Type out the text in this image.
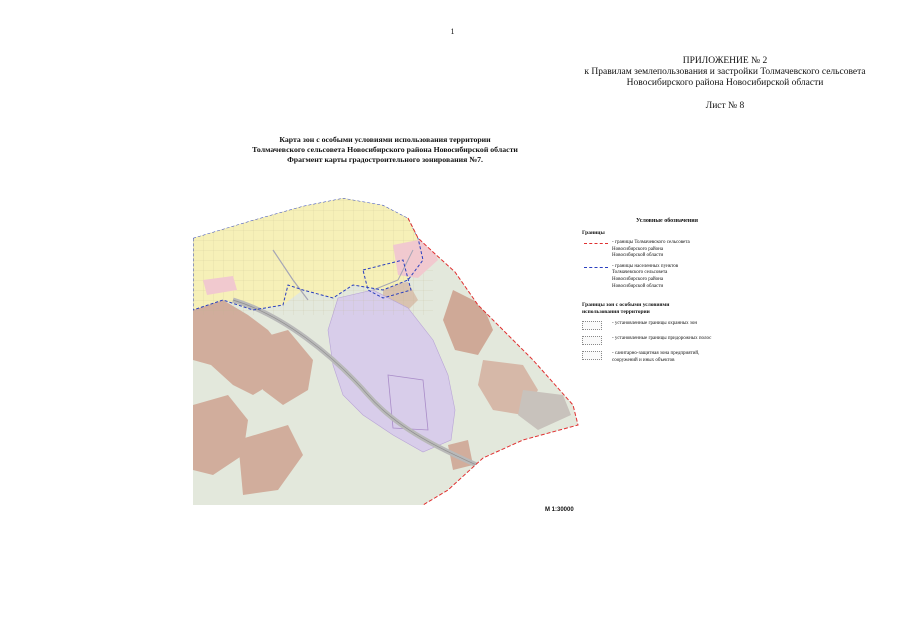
1
ПРИЛОЖЕНИЕ № 2
к Правилам землепользования и застройки Толмачевского сельсовета
Новосибирского района Новосибирской области
Лист № 8
Карта зон с особыми условиями использования территории
Толмачевского сельсовета Новосибирского района Новосибирской области
Фрагмент карты градостроительного зонирования №7.
М 1:30000
Условные обозначения
Границы
- границы Толмачевского сельсовета
Новосибирского района
Новосибирской области
- границы населенных пунктов
Толмачевского сельсовета
Новосибирского района
Новосибирской области
Границы зон с особыми условиями
использования территории
- установленные границы охранных зон
- установленные границы придорожных полос
- санитарно-защитная зона предприятий,
сооружений и иных объектов
